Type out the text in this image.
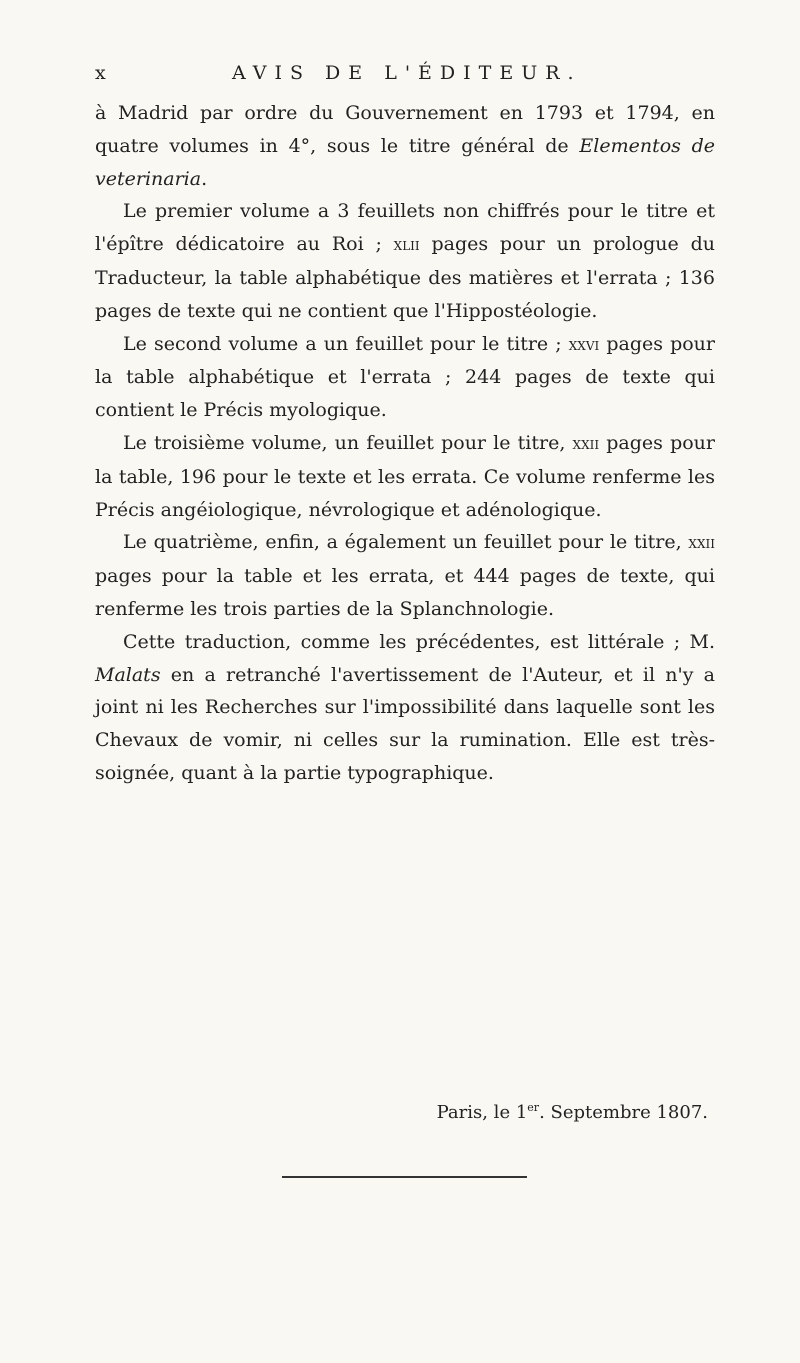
x	AVIS DE L'ÉDITEUR.

à Madrid par ordre du Gouvernement en 1793 et 1794, en quatre volumes in 4°, sous le titre général de Elementos de veterinaria.

Le premier volume a 3 feuillets non chiffrés pour le titre et l'épître dédicatoire au Roi ; xlii pages pour un prologue du Traducteur, la table alphabétique des matières et l'errata ; 136 pages de texte qui ne contient que l'Hippostéologie.

Le second volume a un feuillet pour le titre ; xxvi pages pour la table alphabétique et l'errata ; 244 pages de texte qui contient le Précis myologique.

Le troisième volume, un feuillet pour le titre, xxii pages pour la table, 196 pour le texte et les errata. Ce volume renferme les Précis angéiologique, névrologique et adénologique.

Le quatrième, enfin, a également un feuillet pour le titre, xxii pages pour la table et les errata, et 444 pages de texte, qui renferme les trois parties de la Splanchnologie.

Cette traduction, comme les précédentes, est littérale ; M. Malats en a retranché l'avertissement de l'Auteur, et il n'y a joint ni les Recherches sur l'impossibilité dans laquelle sont les Chevaux de vomir, ni celles sur la rumination. Elle est très-soignée, quant à la partie typographique.

Paris, le 1er. Septembre 1807.
